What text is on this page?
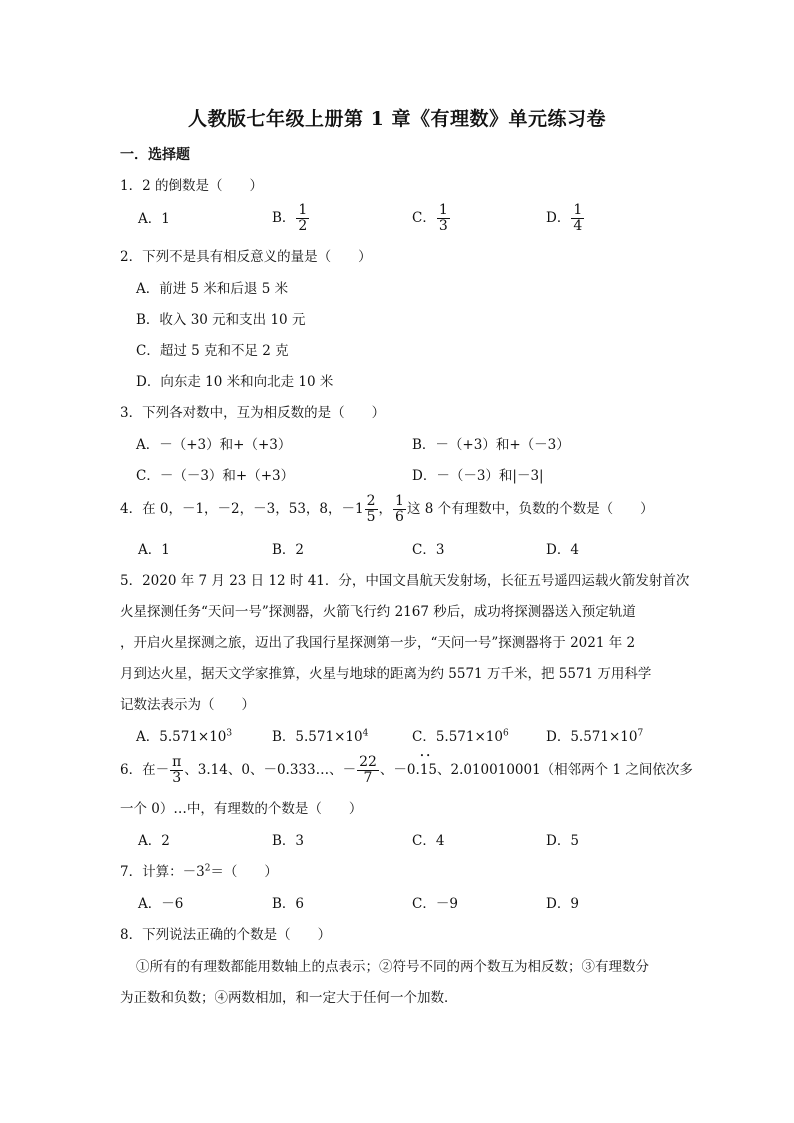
人教版七年级上册第 1 章《有理数》单元练习卷
一．选择题
1．2 的倒数是（　　）
A．1	B． $\frac{1}{2}$	C． $\frac{1}{3}$	D． $\frac{1}{4}$
2．下列不是具有相反意义的量是（　　）
A．前进 5 米和后退 5 米
B．收入 30 元和支出 10 元
C．超过 5 克和不足 2 克
D．向东走 10 米和向北走 10 米
3．下列各对数中，互为相反数的是（　　）
A．－（+3）和+（+3）	B．－（+3）和+（－3）
C．－（－3）和+（+3）	D．－（－3）和|－3|
4．在 0，－1，－2，－3，53，8，$-1 \frac{2}{5}$ ， $\frac{1}{6}$ 这 8 个有理数中，负数的个数是（　　）
A．1	B．2	C．3	D．4
5．2020 年 7 月 23 日 12 时 41．分，中国文昌航天发射场，长征五号遥四运载火箭发射首次
火星探测任务“天问一号”探测器，火箭飞行约 2167 秒后，成功将探测器送入预定轨道
，开启火星探测之旅，迈出了我国行星探测第一步，“天问一号”探测器将于 2021 年 2
月到达火星，据天文学家推算，火星与地球的距离为约 5571 万千米，把 5571 万用科学
记数法表示为（　　）
A．$5.571\times 10^3$	B．$5.571\times 10^4$	C．$5.571\times 10^6$	D．$5.571\times 10^7$
6．在－ $\frac{\pi}{3}$ 、3.14、0、－0.333…、－ $\frac{22}{7}$ 、－0.• • 15、2.010010001（相邻两个 1 之间依次多
一个 0）…中，有理数的个数是（　　）
A．2	B．3	C．4	D．5
7．计算：$-3^2=$（　　）
A．－6	B．6	C．－9	D．9
8．下列说法正确的个数是（　　）
①所有的有理数都能用数轴上的点表示；②符号不同的两个数互为相反数；③有理数分
为正数和负数；④两数相加，和一定大于任何一个加数．
